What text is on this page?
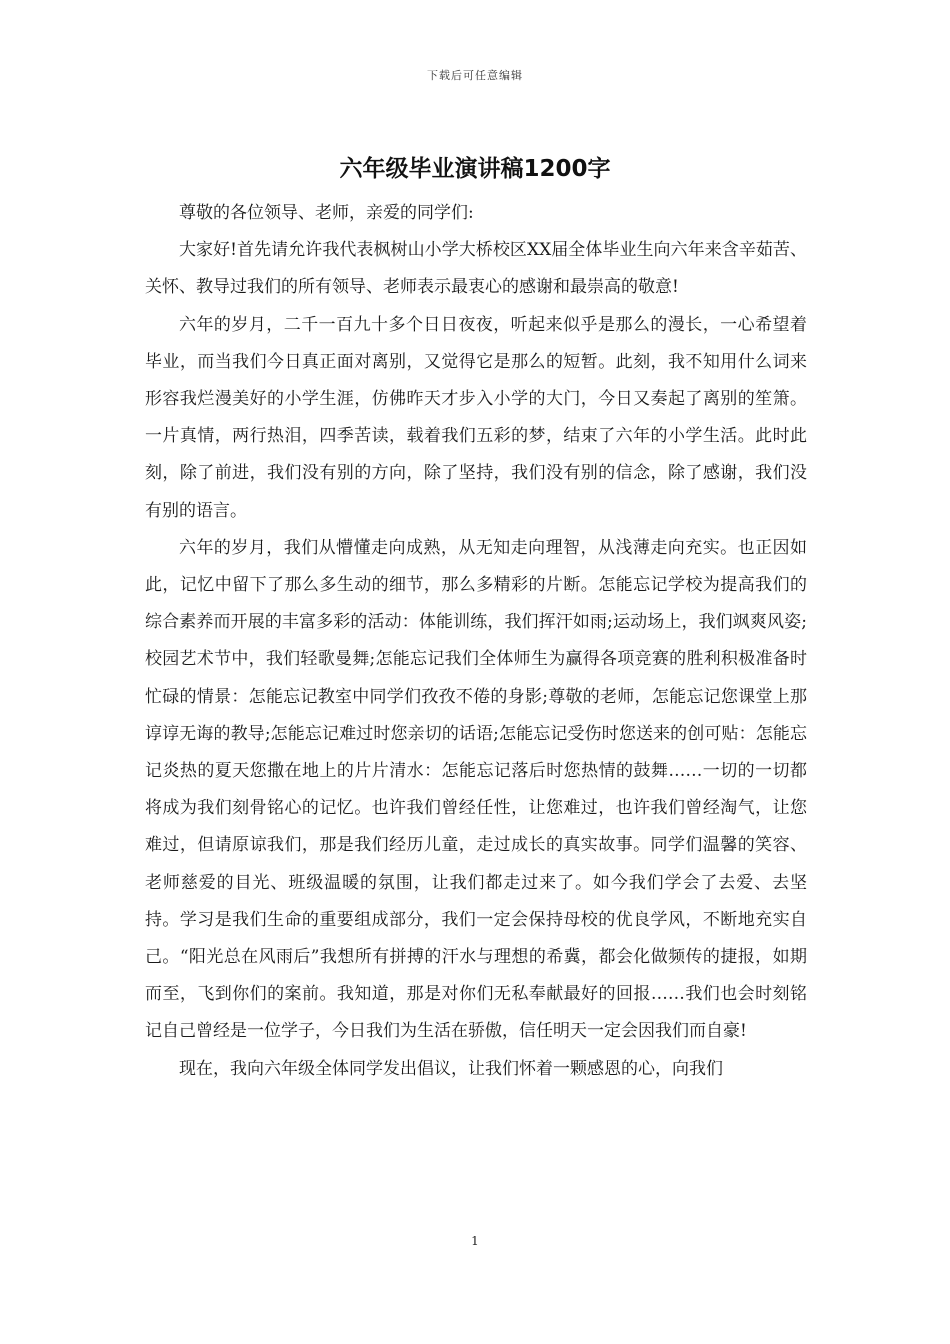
下载后可任意编辑
六年级毕业演讲稿1200字

尊敬的各位领导、老师，亲爱的同学们:

大家好!首先请允许我代表枫树山小学大桥校区XX届全体毕业生向六年来含辛茹苦、关怀、教导过我们的所有领导、老师表示最衷心的感谢和最崇高的敬意!

六年的岁月，二千一百九十多个日日夜夜，听起来似乎是那么的漫长，一心希望着毕业，而当我们今日真正面对离别，又觉得它是那么的短暂。此刻，我不知用什么词来形容我烂漫美好的小学生涯，仿佛昨天才步入小学的大门，今日又奏起了离别的笙箫。一片真情，两行热泪，四季苦读，载着我们五彩的梦，结束了六年的小学生活。此时此刻，除了前进，我们没有别的方向，除了坚持，我们没有别的信念，除了感谢，我们没有别的语言。

六年的岁月，我们从懵懂走向成熟，从无知走向理智，从浅薄走向充实。也正因如此，记忆中留下了那么多生动的细节，那么多精彩的片断。怎能忘记学校为提高我们的综合素养而开展的丰富多彩的活动：体能训练，我们挥汗如雨;运动场上，我们飒爽风姿;校园艺术节中，我们轻歌曼舞;怎能忘记我们全体师生为赢得各项竞赛的胜利积极准备时忙碌的情景：怎能忘记教室中同学们孜孜不倦的身影;尊敬的老师，怎能忘记您课堂上那谆谆无诲的教导;怎能忘记难过时您亲切的话语;怎能忘记受伤时您送来的创可贴：怎能忘记炎热的夏天您撒在地上的片片清水：怎能忘记落后时您热情的鼓舞……一切的一切都将成为我们刻骨铭心的记忆。也许我们曾经任性，让您难过，也许我们曾经淘气，让您难过，但请原谅我们，那是我们经历儿童，走过成长的真实故事。同学们温馨的笑容、老师慈爱的目光、班级温暖的氛围，让我们都走过来了。如今我们学会了去爱、去坚持。学习是我们生命的重要组成部分，我们一定会保持母校的优良学风，不断地充实自己。“阳光总在风雨后”我想所有拼搏的汗水与理想的希冀，都会化做频传的捷报，如期而至，飞到你们的案前。我知道，那是对你们无私奉献最好的回报……我们也会时刻铭记自己曾经是一位学子，今日我们为生活在骄傲，信任明天一定会因我们而自豪!

现在，我向六年级全体同学发出倡议，让我们怀着一颗感恩的心，向我们

1
